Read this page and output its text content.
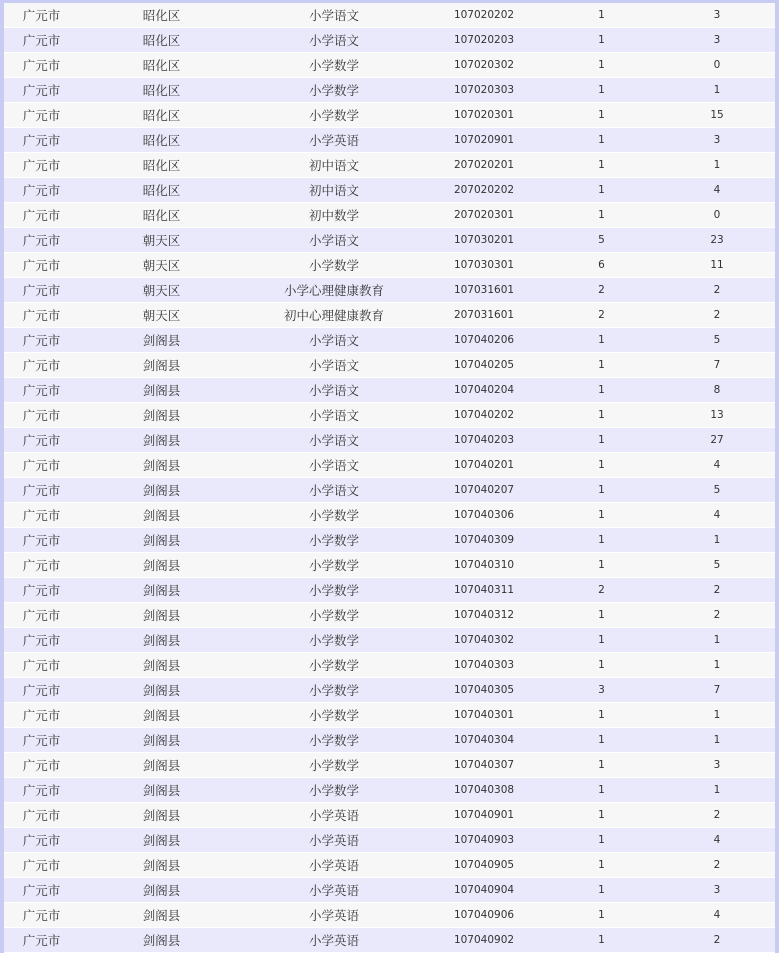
广元市	昭化区	小学语文	107020202	1	3
广元市	昭化区	小学语文	107020203	1	3
广元市	昭化区	小学数学	107020302	1	0
广元市	昭化区	小学数学	107020303	1	1
广元市	昭化区	小学数学	107020301	1	15
广元市	昭化区	小学英语	107020901	1	3
广元市	昭化区	初中语文	207020201	1	1
广元市	昭化区	初中语文	207020202	1	4
广元市	昭化区	初中数学	207020301	1	0
广元市	朝天区	小学语文	107030201	5	23
广元市	朝天区	小学数学	107030301	6	11
广元市	朝天区	小学心理健康教育	107031601	2	2
广元市	朝天区	初中心理健康教育	207031601	2	2
广元市	剑阁县	小学语文	107040206	1	5
广元市	剑阁县	小学语文	107040205	1	7
广元市	剑阁县	小学语文	107040204	1	8
广元市	剑阁县	小学语文	107040202	1	13
广元市	剑阁县	小学语文	107040203	1	27
广元市	剑阁县	小学语文	107040201	1	4
广元市	剑阁县	小学语文	107040207	1	5
广元市	剑阁县	小学数学	107040306	1	4
广元市	剑阁县	小学数学	107040309	1	1
广元市	剑阁县	小学数学	107040310	1	5
广元市	剑阁县	小学数学	107040311	2	2
广元市	剑阁县	小学数学	107040312	1	2
广元市	剑阁县	小学数学	107040302	1	1
广元市	剑阁县	小学数学	107040303	1	1
广元市	剑阁县	小学数学	107040305	3	7
广元市	剑阁县	小学数学	107040301	1	1
广元市	剑阁县	小学数学	107040304	1	1
广元市	剑阁县	小学数学	107040307	1	3
广元市	剑阁县	小学数学	107040308	1	1
广元市	剑阁县	小学英语	107040901	1	2
广元市	剑阁县	小学英语	107040903	1	4
广元市	剑阁县	小学英语	107040905	1	2
广元市	剑阁县	小学英语	107040904	1	3
广元市	剑阁县	小学英语	107040906	1	4
广元市	剑阁县	小学英语	107040902	1	2
